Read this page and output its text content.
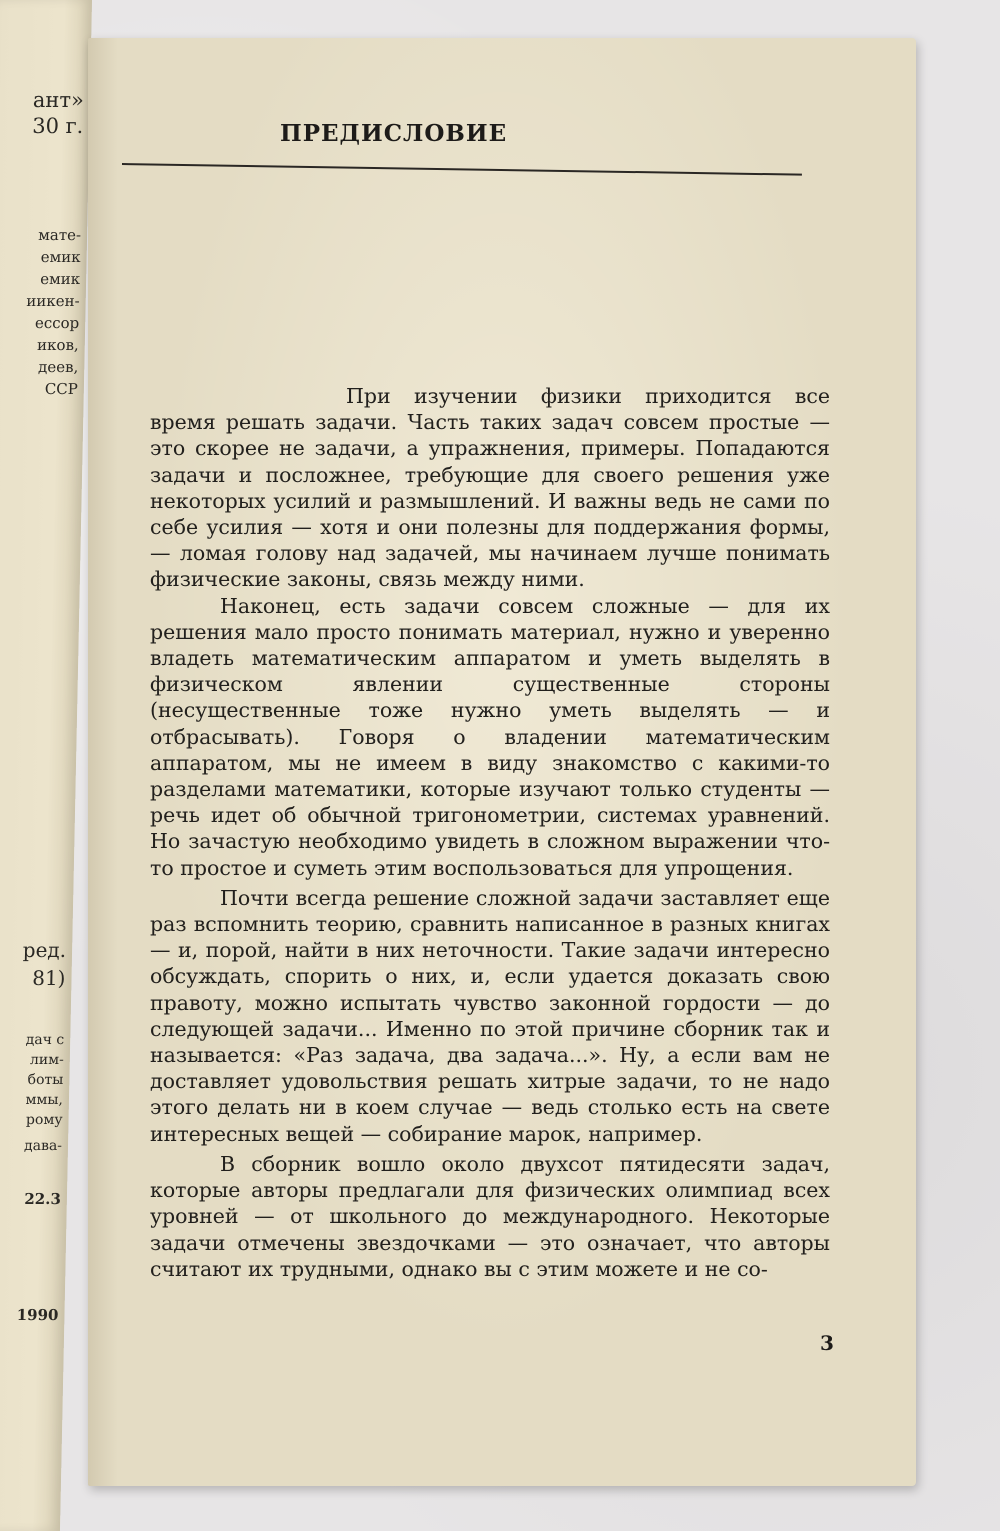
ант»
30 г.
мате-
емик
емик
иикен-
ессор
иков,
деев,
ССР
ред.
81)
дач с
лим-
боты
ммы,
рому
дава-
22.3
1990
ПРЕДИСЛОВИЕ

При изучении физики приходится все время решать задачи. Часть таких задач совсем простые — это скорее не задачи, а упражнения, примеры. Попадаются задачи и посложнее, требующие для своего решения уже некоторых усилий и размышлений. И важны ведь не сами по себе усилия — хотя и они полезны для поддержания формы,— ломая голову над задачей, мы начинаем лучше понимать физические законы, связь между ними.

Наконец, есть задачи совсем сложные — для их решения мало просто понимать материал, нужно и уверенно владеть математическим аппаратом и уметь выделять в физическом явлении существенные стороны (несущественные тоже нужно уметь выделять — и отбрасывать). Говоря о владении математическим аппаратом, мы не имеем в виду знакомство с какими-то разделами математики, которые изучают только студенты — речь идет об обычной тригонометрии, системах уравнений. Но зачастую необходимо увидеть в сложном выражении что-то простое и суметь этим воспользоваться для упрощения.

Почти всегда решение сложной задачи заставляет еще раз вспомнить теорию, сравнить написанное в разных книгах — и, порой, найти в них неточности. Такие задачи интересно обсуждать, спорить о них, и, если удается доказать свою правоту, можно испытать чувство законной гордости — до следующей задачи... Именно по этой причине сборник так и называется: «Раз задача, два задача...». Ну, а если вам не доставляет удовольствия решать хитрые задачи, то не надо этого делать ни в коем случае — ведь столько есть на свете интересных вещей — собирание марок, например.

В сборник вошло около двухсот пятидесяти задач, которые авторы предлагали для физических олимпиад всех уровней — от школьного до международного. Некоторые задачи отмечены звездочками — это означает, что авторы считают их трудными, однако вы с этим можете и не со-

3
